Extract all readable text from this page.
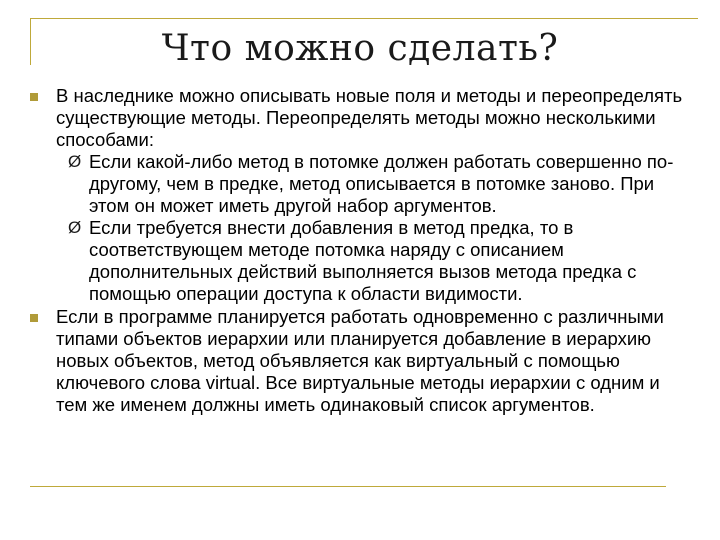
Что можно сделать?
В наследнике можно описывать новые поля и методы и переопределять существующие методы. Переопределять методы можно несколькими способами:
Ø Если какой-либо метод в потомке должен работать совершенно по-другому, чем в предке, метод описывается в потомке заново. При этом он может иметь другой набор аргументов.
Ø Если требуется внести добавления в метод предка, то в соответствующем методе потомка наряду с описанием дополнительных действий выполняется вызов метода предка с помощью операции доступа к области видимости.
Если в программе планируется работать одновременно с различными типами объектов иерархии или планируется добавление в иерархию новых объектов, метод объявляется как виртуальный с помощью ключевого слова virtual. Все виртуальные методы иерархии с одним и тем же именем должны иметь одинаковый список аргументов.
